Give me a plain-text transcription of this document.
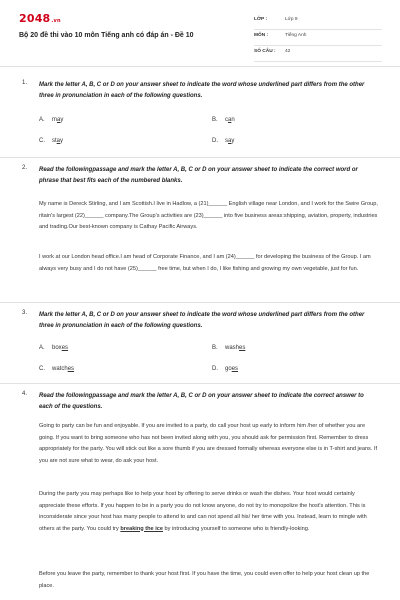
2048.vn
Bộ 20 đề thi vào 10 môn Tiếng anh có đáp án - Đề 10
LỚP :	Lớp 9
MÔN :	Tiếng Anh
SỐ CÂU : 42
1. Mark the letter A, B, C or D on your answer sheet to indicate the word whose underlined part differs from the other three in pronunciation in each of the following questions.
A. may	B. can
C. stay	D. say
2. Read the followingpassage and mark the letter A, B, C or D on your answer sheet to indicate the correct word or phrase that best fits each of the numbered blanks.
My name is Dereck Stirling, and I am Scottish.I live in Hadlow, a (21)______ English village near London, and I work for the Swire Group, ritain's largest (22)______ company.The Group's activities are (23)______ into five business areas:shipping, aviation, property, industries and trading.Our best-known company is Cathay Pacific Airways.
I work at our London head office.I am head of Corporate Finance, and I am (24)______ for developing the business of the Group. I am always very busy and I do not have (25)______ free time, but when I do, I like fishing and growing my own vegetable, just for fun.
3. Mark the letter A, B, C or D on your answer sheet to indicate the word whose underlined part differs from the other three in pronunciation in each of the following questions.
A. boxes	B. washes
C. watches	D. goes
4. Read the followingpassage and mark the letter A, B, C or D on your answer sheet to indicate the correct answer to each of the questions.
Going to party can be fun and enjoyable. If you are invited to a party, do call your host up early to inform him /her of whether you are going. If you want to bring someone who has not been invited along with you, you should ask for permission first. Remember to dress appropriately for the party. You will stick out like a sore thumb if you are dressed formally whereas everyone else is in T-shirt and jeans. If you are not sure what to wear, do ask your host.
During the party you may perhaps like to help your host by offering to serve drinks or wash the dishes. Your host would certainly appreciate these efforts. If you happen to be in a party you do not know anyone, do not try to monopolize the host's attention. This is inconsiderate since your host has many people to attend to and can not spend all his/ her time with you. Instead, learn to mingle with others at the party. You could try breaking the ice by introducing yourself to someone who is friendly-looking.
Before you leave the party, remember to thank your host first. If you have the time, you could even offer to help your host clean up the place.
